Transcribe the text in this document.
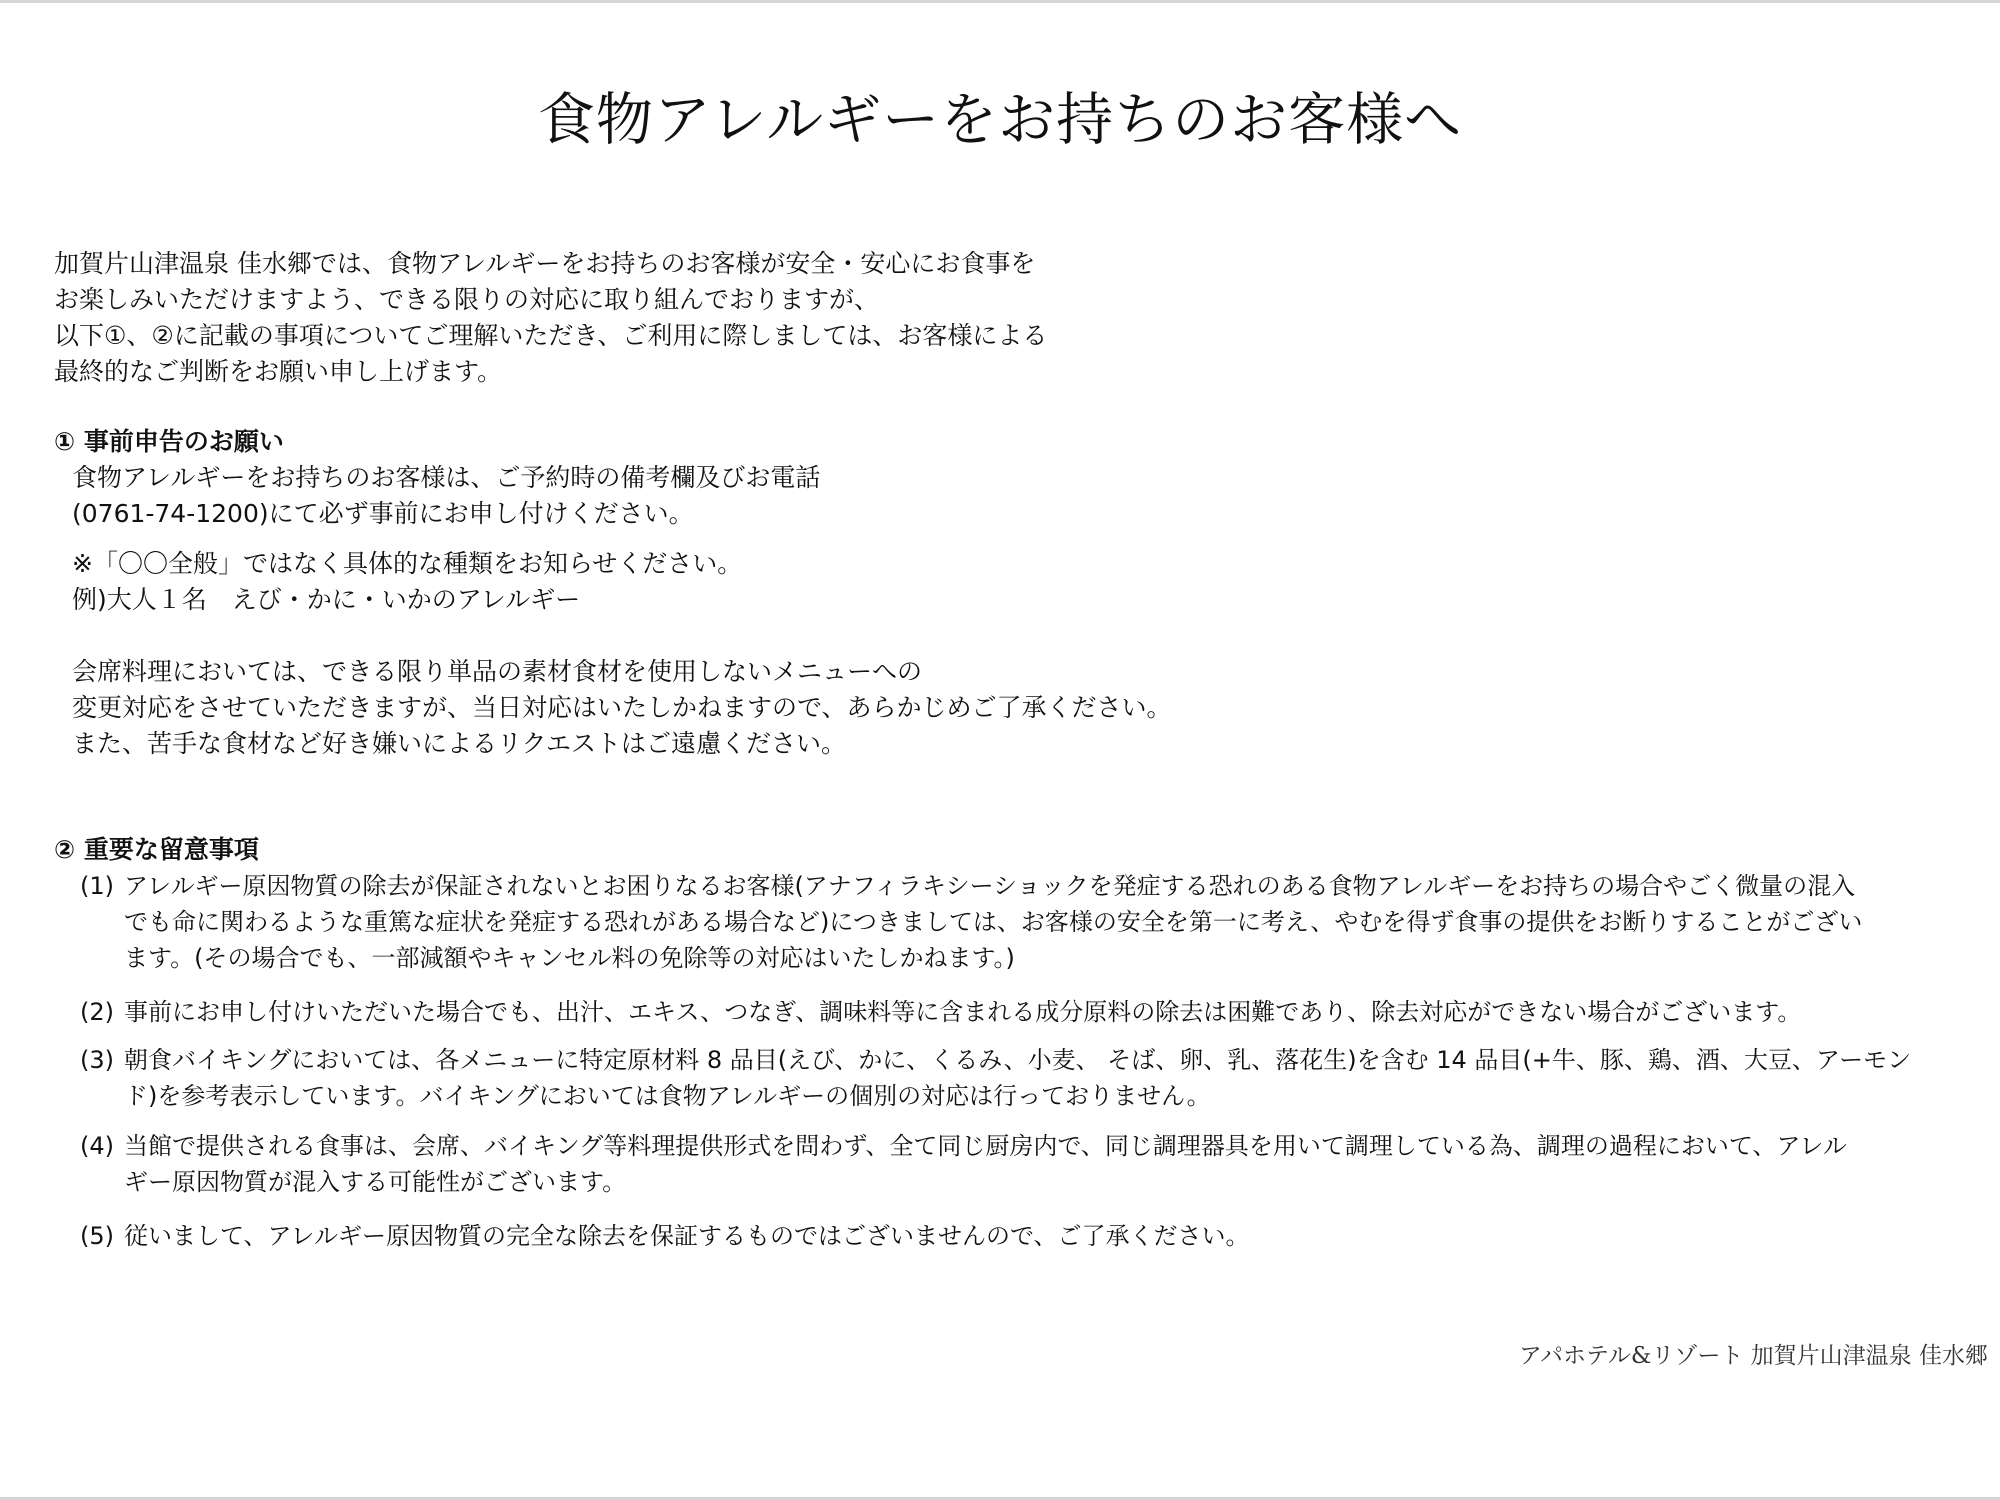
食物アレルギーをお持ちのお客様へ
加賀片山津温泉 佳水郷では、食物アレルギーをお持ちのお客様が安全・安心にお食事を
お楽しみいただけますよう、できる限りの対応に取り組んでおりますが、
以下①、②に記載の事項についてご理解いただき、ご利用に際しましては、お客様による
最終的なご判断をお願い申し上げます。
① 事前申告のお願い
食物アレルギーをお持ちのお客様は、ご予約時の備考欄及びお電話
(0761-74-1200)にて必ず事前にお申し付けください。
※「〇〇全般」ではなく具体的な種類をお知らせください。
例)大人１名　えび・かに・いかのアレルギー
会席料理においては、できる限り単品の素材食材を使用しないメニューへの
変更対応をさせていただきますが、当日対応はいたしかねますので、あらかじめご了承ください。
また、苦手な食材など好き嫌いによるリクエストはご遠慮ください。
② 重要な留意事項
(1) アレルギー原因物質の除去が保証されないとお困りなるお客様(アナフィラキシーショックを発症する恐れのある食物アレルギーをお持ちの場合やごく微量の混入
でも命に関わるような重篤な症状を発症する恐れがある場合など)につきましては、お客様の安全を第一に考え、やむを得ず食事の提供をお断りすることがござい
ます。(その場合でも、一部減額やキャンセル料の免除等の対応はいたしかねます。)
(2) 事前にお申し付けいただいた場合でも、出汁、エキス、つなぎ、調味料等に含まれる成分原料の除去は困難であり、除去対応ができない場合がございます。
(3) 朝食バイキングにおいては、各メニューに特定原材料 8 品目(えび、かに、くるみ、小麦、 そば、卵、乳、落花生)を含む 14 品目(+牛、豚、鶏、酒、大豆、アーモン
ド)を参考表示しています。バイキングにおいては食物アレルギーの個別の対応は行っておりません。
(4) 当館で提供される食事は、会席、バイキング等料理提供形式を問わず、全て同じ厨房内で、同じ調理器具を用いて調理している為、調理の過程において、アレル
ギー原因物質が混入する可能性がございます。
(5) 従いまして、アレルギー原因物質の完全な除去を保証するものではございませんので、ご了承ください。
アパホテル&リゾート 加賀片山津温泉 佳水郷
